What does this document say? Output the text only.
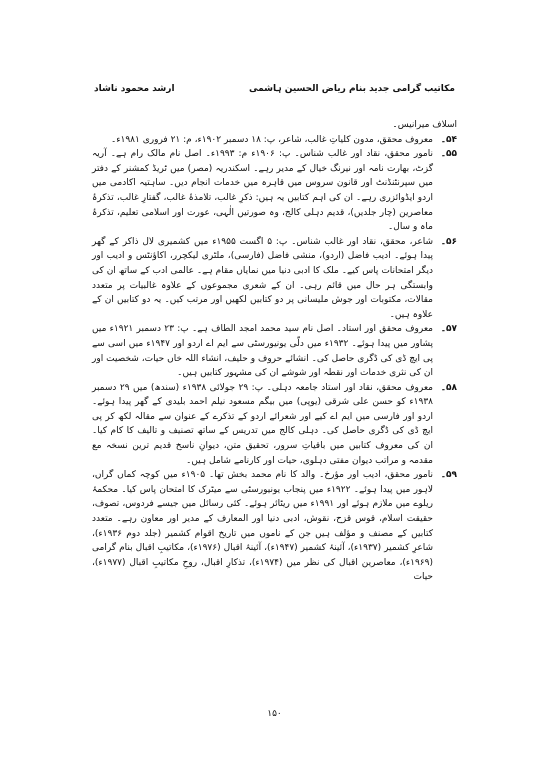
ارشد محمود ناشاد	مکاتیب گرامی جدید بنام ریاض الحسین ہاشمی
اسلاف میرانیس۔
۵۴۔
معروف محقق، مدون کلیاتِ غالب، شاعر، پ: ۱۸ دسمبر ۱۹۰۲ء، م: ۲۱ فروری ۱۹۸۱ء۔
۵۵۔
نامور محقق، نقاد اور غالب شناس۔ پ: ۱۹۰۶ء م: ۱۹۹۳ء۔ اصل نام مالک رام ہے۔ آریہ گزٹ، بھارت نامہ اور نیرنگ خیال کے مدیر رہے۔ اسکندریہ (مصر) میں ٹریڈ کمشنر کے دفتر میں سپرنٹنڈنٹ اور قانون سروس میں قاہرہ میں خدمات انجام دیں۔ ساہتیہ اکادمی میں اردو ایڈوائزری رہے۔ ان کی اہم کتابیں یہ ہیں: ذکرِ غالب، تلامذۂ غالب، گفتارِ غالب، تذکرۂ معاصرین (چار جلدیں)، قدیم دہلی کالج، وہ صورتیں الٰہی، عورت اور اسلامی تعلیم، تذکرۂ ماہ و سال۔
۵۶۔
شاعر، محقق، نقاد اور غالب شناس۔ پ: ۵ اگست ۱۹۵۵ء میں کشمیری لال ذاکر کے گھر پیدا ہوئے۔ ادیب فاضل (اردو)، منشی فاضل (فارسی)، ملٹری لیکچرر، اکاؤنٹس و ادیب اور دیگر امتحانات پاس کیے۔ ملک کا ادبی دنیا میں نمایاں مقام ہے۔ عالمی ادب کے ساتھ ان کی وابستگی ہر حال میں قائم رہی۔ ان کے شعری مجموعوں کے علاوہ غالبیات پر متعدد مقالات، مکتوبات اور جوش ملیسانی پر دو کتابیں لکھیں اور مرتب کیں۔ یہ دو کتابیں ان کے علاوہ ہیں۔
۵۷۔
معروف محقق اور استاد۔ اصل نام سید محمد امجد الطاف ہے۔ پ: ۲۳ دسمبر ۱۹۲۱ء میں پشاور میں پیدا ہوئے۔ ۱۹۳۲ء میں دلّی یونیورسٹی سے ایم اے اردو اور ۱۹۴۷ء میں اسی سے پی ایچ ڈی کی ڈگری حاصل کی۔ انشائے حروف و حلیف، انشاء اللہ خاں حیات، شخصیت اور ان کی نثری خدمات اور نقطہ اور شوشے ان کی مشہور کتابیں ہیں۔
۵۸۔
معروف محقق، نقاد اور استاد جامعہ دہلی۔ پ: ۲۹ جولائی ۱۹۳۸ء (سندھ) میں ۲۹ دسمبر ۱۹۳۸ء کو حسن علی شرقی (یوپی) میں بیگم مسعود نیلم احمد بلیدی کے گھر پیدا ہوئے۔ اردو اور فارسی میں ایم اے کیے اور شعرائے اردو کے تذکرے کے عنوان سے مقالہ لکھ کر پی ایچ ڈی کی ڈگری حاصل کی۔ دہلی کالج میں تدریس کے ساتھ تصنیف و تالیف کا کام کیا۔ ان کی معروف کتابیں میں باقیاتِ سرور، تحقیق متن، دیوانِ ناسخ قدیم ترین نسخہ مع مقدمہ و مراتب دیوان مفتی دہلوی، حیات اور کارنامے شامل ہیں۔
۵۹۔
نامور محقق، ادیب اور مؤرخ۔ والد کا نام محمد بخش تھا۔ ۱۹۰۵ء میں کوچہ کماں گراں، لاہور میں پیدا ہوئے۔ ۱۹۲۲ء میں پنجاب یونیورسٹی سے میٹرک کا امتحان پاس کیا۔ محکمۂ ریلوے میں ملازم ہوئے اور ۱۹۹۱ء میں ریٹائر ہوئے۔ کئی رسائل میں جیسے فردوس، تصوف، حقیقت اسلام، قوس قزح، نقوش، ادبی دنیا اور المعارف کے مدیر اور معاون رہے۔ متعدد کتابیں کے مصنف و مؤلف ہیں جن کے ناموں میں تاریخ اقوام کشمیر (جلد دوم ۱۹۳۶ء)، شاعرِ کشمیر (۱۹۳۷ء)، آئینۂ کشمیر (۱۹۴۷ء)، آئینۂ اقبال (۱۹۷۶ء)، مکاتیبِ اقبال بنام گرامی (۱۹۶۹ء)، معاصرین اقبال کی نظر میں (۱۹۷۴ء)، تذکارِ اقبال، روحِ مکاتیبِ اقبال (۱۹۷۷ء)، حیات
۱۵۰
